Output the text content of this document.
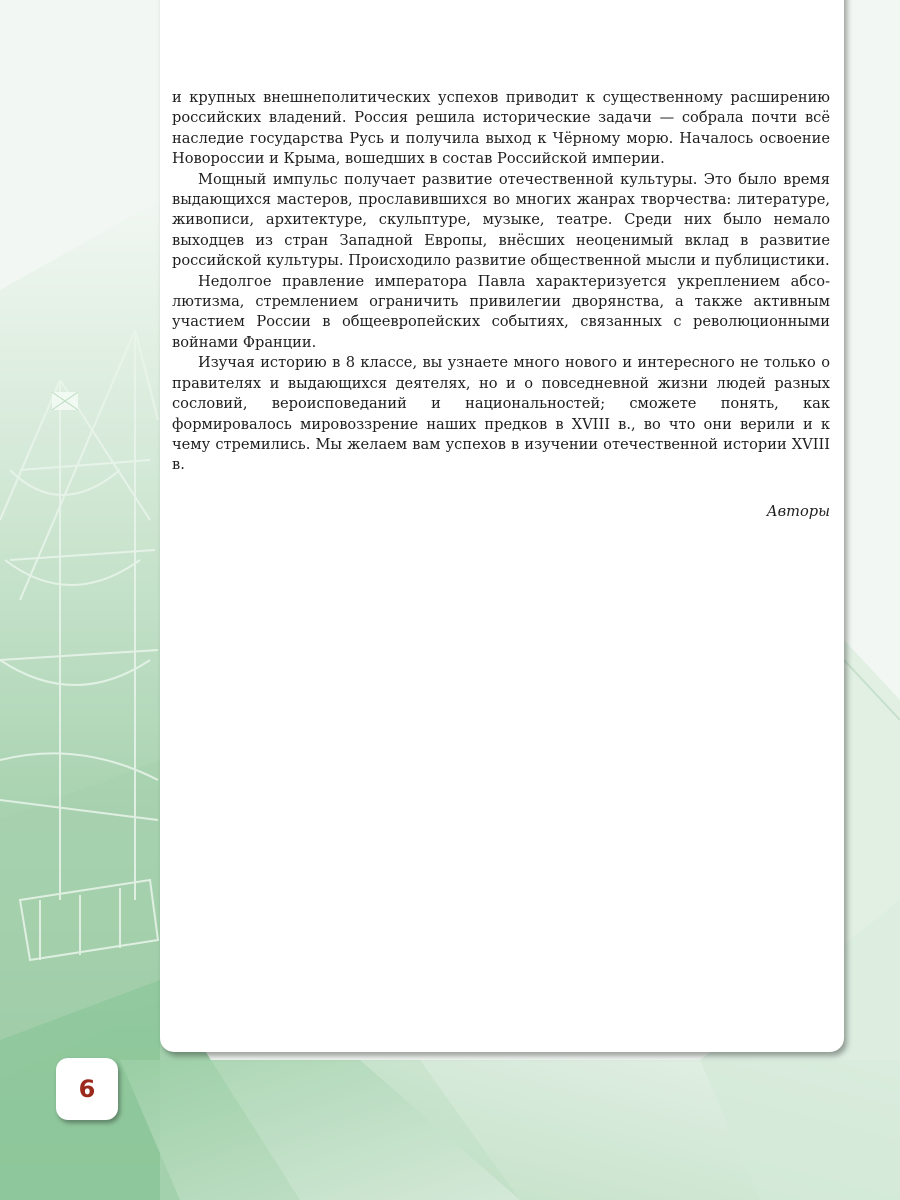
и крупных внешнеполитических успехов приводит к существенному расширению российских владений. Россия решила исторические задачи — собрала почти всё наследие государства Русь и получила выход к Чёрному морю. Началось освоение Новороссии и Крыма, вошедших в состав Российской империи.

Мощный импульс получает развитие отечественной культуры. Это было время выдающихся мастеров, прославившихся во многих жанрах творчества: литературе, живописи, архитектуре, скульптуре, музыке, театре. Среди них было немало выходцев из стран Западной Европы, внёсших неоценимый вклад в развитие российской культуры. Происходило развитие общественной мысли и публицистики.

Недолгое правление императора Павла характеризуется укреплением абсолютизма, стремлением ограничить привилегии дворянства, а также активным участием России в общеевропейских событиях, связанных с революционными войнами Франции.

Изучая историю в 8 классе, вы узнаете много нового и интересного не только о правителях и выдающихся деятелях, но и о повседневной жизни людей разных сословий, вероисповеданий и национальностей; сможете понять, как формировалось мировоззрение наших предков в XVIII в., во что они верили и к чему стремились. Мы желаем вам успехов в изучении отечественной истории XVIII в.

Авторы
6
